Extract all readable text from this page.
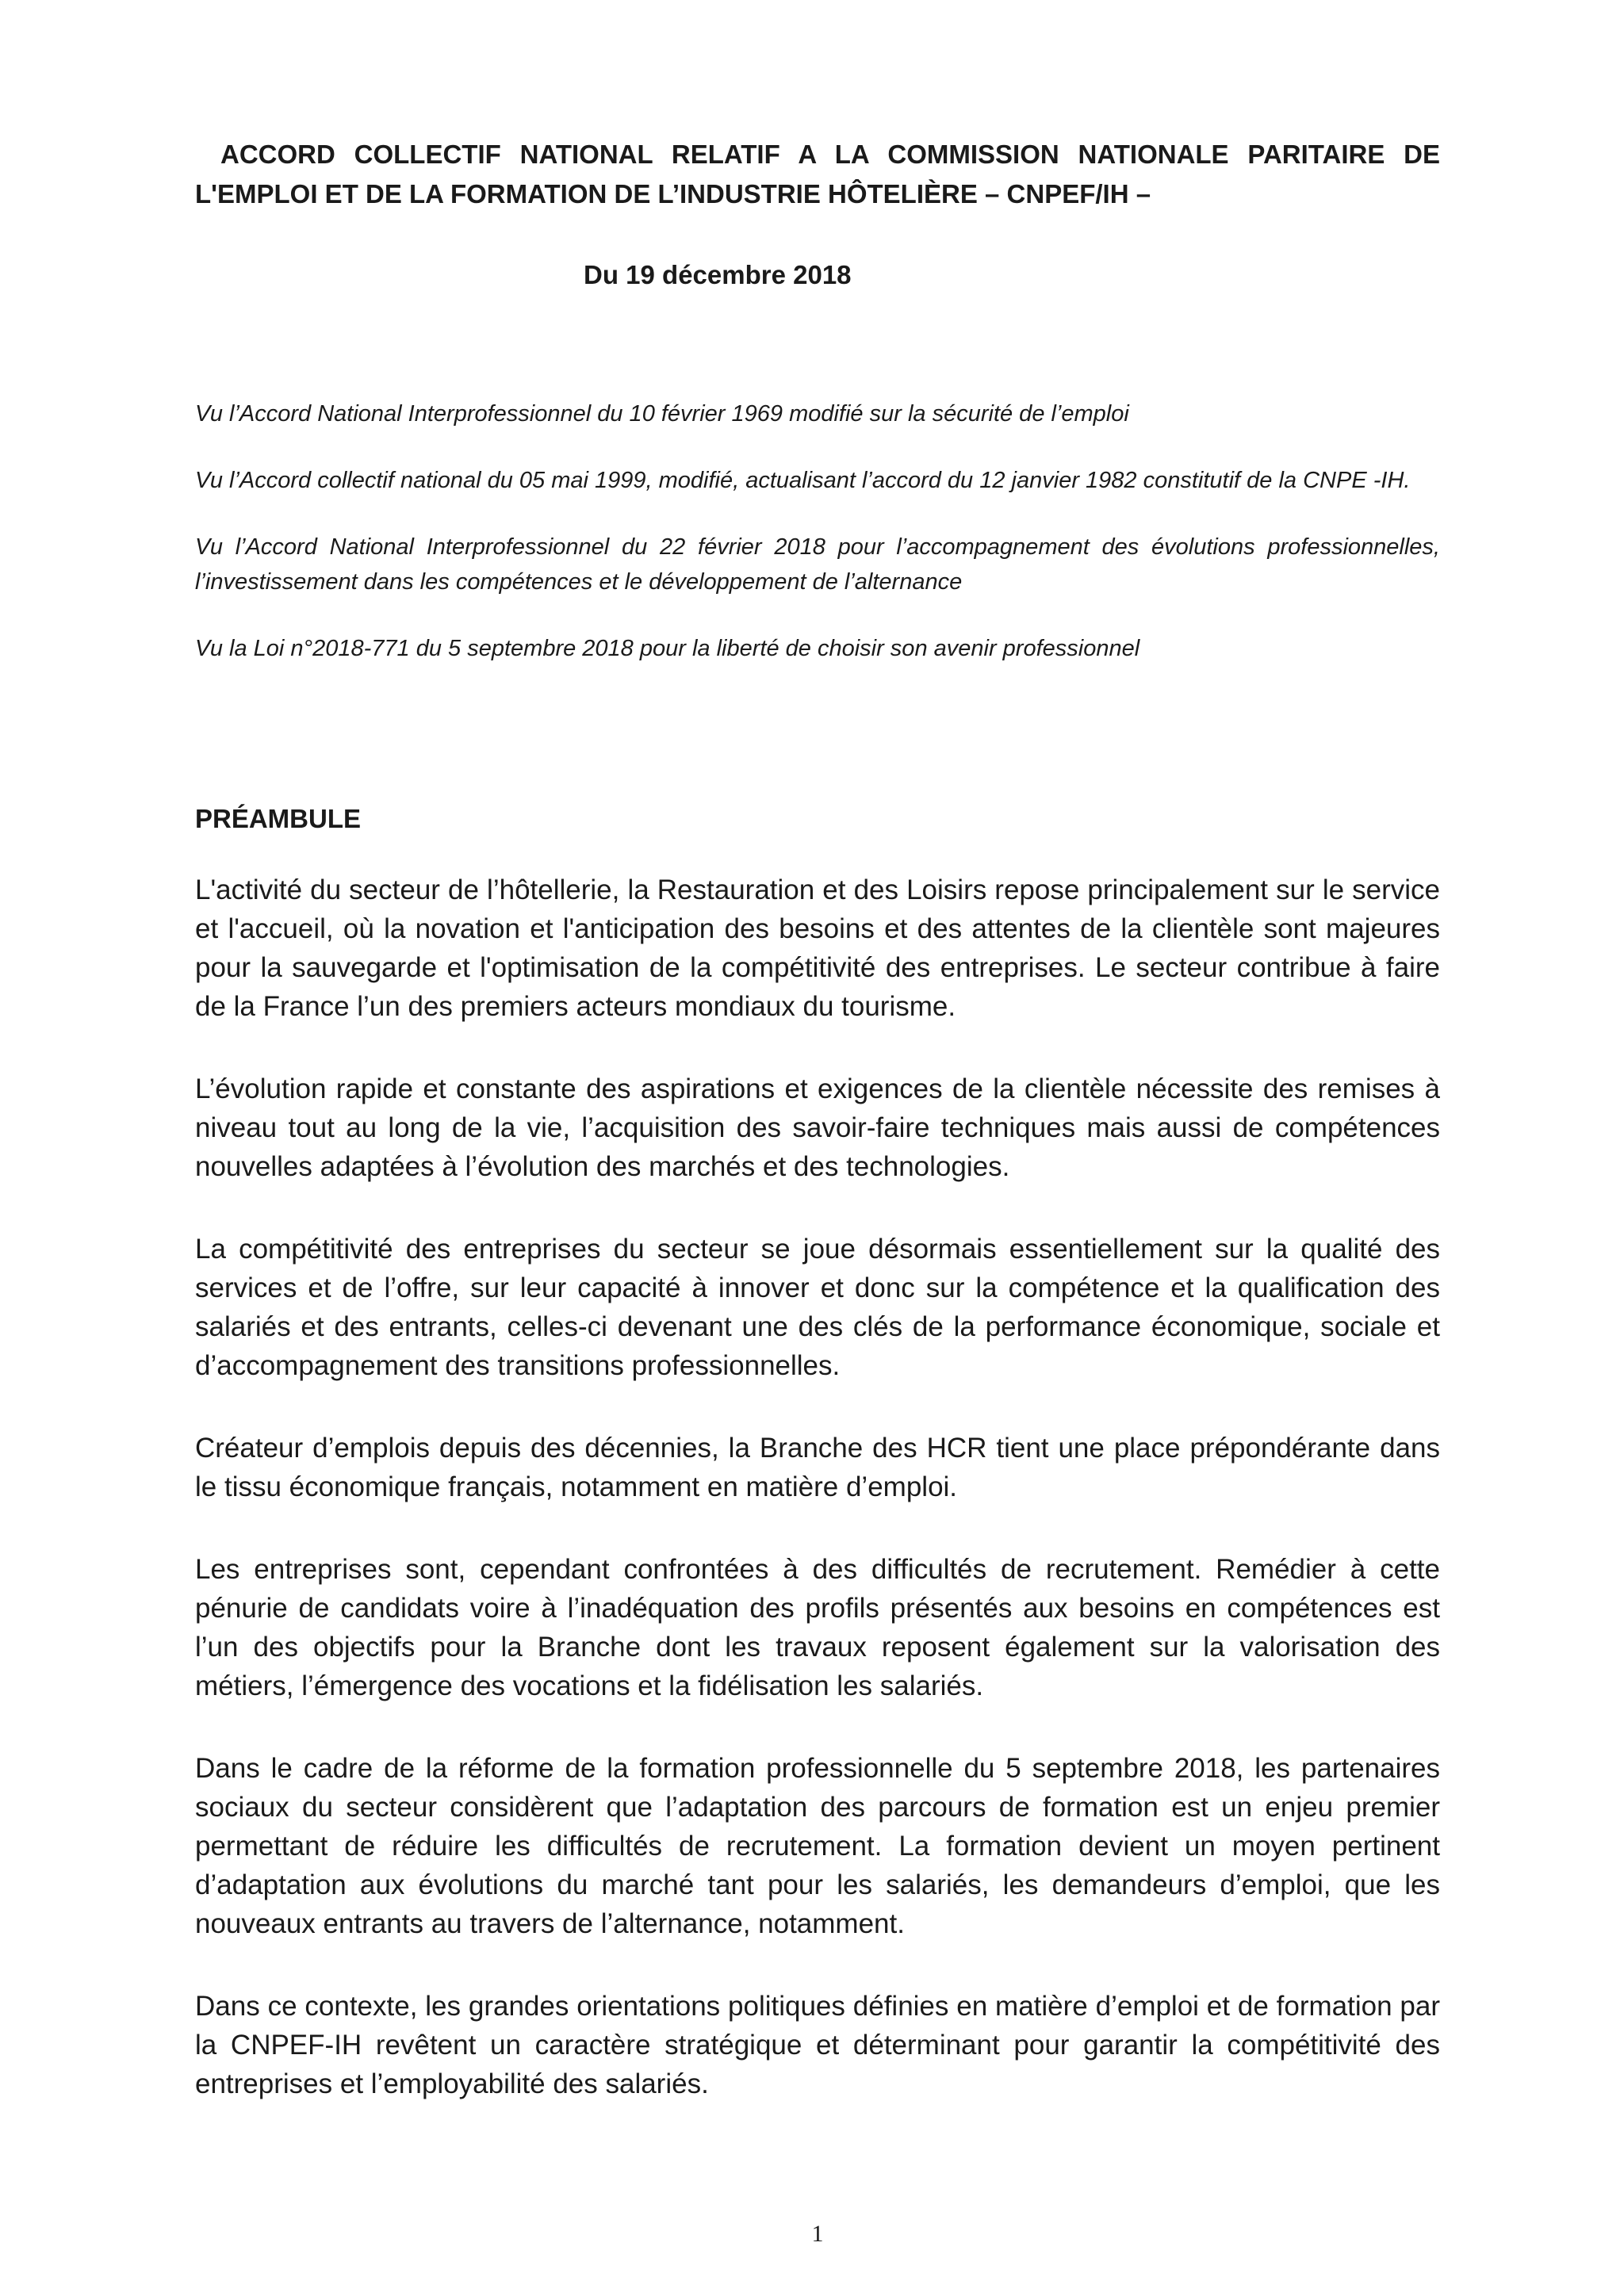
ACCORD COLLECTIF NATIONAL RELATIF A LA COMMISSION NATIONALE PARITAIRE DE L'EMPLOI ET DE LA FORMATION DE L’INDUSTRIE HÔTELIÈRE – CNPEF/IH –

Du 19 décembre 2018

Vu l’Accord National Interprofessionnel du 10 février 1969 modifié sur la sécurité de l’emploi
Vu l’Accord collectif national du 05 mai 1999, modifié, actualisant l’accord du 12 janvier 1982 constitutif de la CNPE -IH.
Vu l’Accord National Interprofessionnel du 22 février 2018 pour l’accompagnement des évolutions professionnelles, l’investissement dans les compétences et le développement de l’alternance
Vu la Loi n°2018-771 du 5 septembre 2018 pour la liberté de choisir son avenir professionnel
PRÉAMBULE

L'activité du secteur de l’hôtellerie, la Restauration et des Loisirs repose principalement sur le service et l'accueil, où la novation et l'anticipation des besoins et des attentes de la clientèle sont majeures pour la sauvegarde et l'optimisation de la compétitivité des entreprises. Le secteur contribue à faire de la France l’un des premiers acteurs mondiaux du tourisme.

L’évolution rapide et constante des aspirations et exigences de la clientèle nécessite des remises à niveau tout au long de la vie, l’acquisition des savoir-faire techniques mais aussi de compétences nouvelles adaptées à l’évolution des marchés et des technologies.

La compétitivité des entreprises du secteur se joue désormais essentiellement sur la qualité des services et de l’offre, sur leur capacité à innover et donc sur la compétence et la qualification des salariés et des entrants, celles-ci devenant une des clés de la performance économique, sociale et d’accompagnement des transitions professionnelles.

Créateur d’emplois depuis des décennies, la Branche des HCR tient une place prépondérante dans le tissu économique français, notamment en matière d’emploi.

Les entreprises sont, cependant confrontées à des difficultés de recrutement. Remédier à cette pénurie de candidats voire à l’inadéquation des profils présentés aux besoins en compétences est l’un des objectifs pour la Branche dont les travaux reposent également sur la valorisation des métiers, l’émergence des vocations et la fidélisation les salariés.

Dans le cadre de la réforme de la formation professionnelle du 5 septembre 2018, les partenaires sociaux du secteur considèrent que l’adaptation des parcours de formation est un enjeu premier permettant de réduire les difficultés de recrutement. La formation devient un moyen pertinent d’adaptation aux évolutions du marché tant pour les salariés, les demandeurs d’emploi, que les nouveaux entrants au travers de l’alternance, notamment.

Dans ce contexte, les grandes orientations politiques définies en matière d’emploi et de formation par la CNPEF-IH revêtent un caractère stratégique et déterminant pour garantir la compétitivité des entreprises et l’employabilité des salariés.

1
